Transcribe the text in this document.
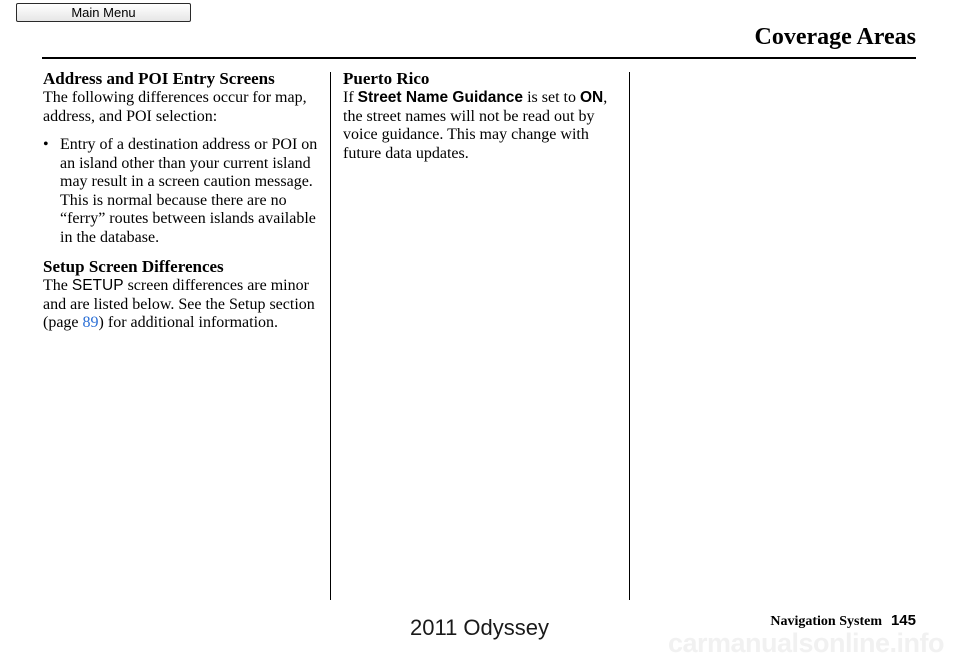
Main Menu
Coverage Areas
Address and POI Entry Screens

The following differences occur for map, address, and POI selection:

• Entry of a destination address or POI on an island other than your current island may result in a screen caution message. This is normal because there are no “ferry” routes between islands available in the database.
Setup Screen Differences

The SETUP screen differences are minor and are listed below. See the Setup section (page 89) for additional information.

Puerto Rico

If Street Name Guidance is set to ON, the street names will not be read out by voice guidance. This may change with future data updates.

Navigation System 145
2011 Odyssey
carmanualsonline.info
